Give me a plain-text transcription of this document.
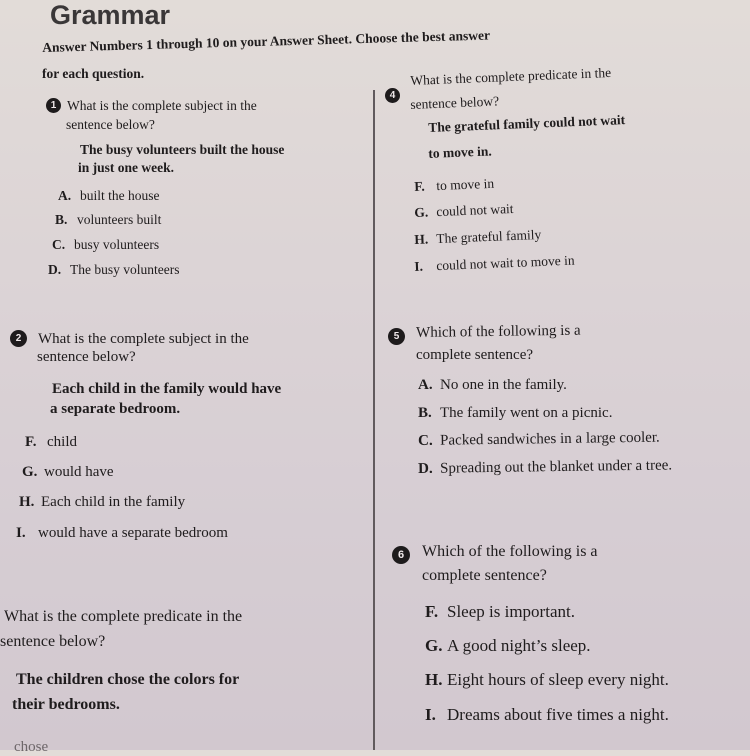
Grammar
Answer Numbers 1 through 10 on your Answer Sheet. Choose the best answer
for each question.
1 What is the complete subject in the
sentence below?
The busy volunteers built the house
in just one week.
A. built the house
B. volunteers built
C. busy volunteers
D. The busy volunteers
2	What is the complete subject in the
sentence below?
Each child in the family would have
a separate bedroom.
F. child
G. would have
H. Each child in the family
I. would have a separate bedroom
What is the complete predicate in the
sentence below?
The children chose the colors for
their bedrooms.
chose
4
What is the complete predicate in the
sentence below?
The grateful family could not wait
to move in.
F. to move in
G. could not wait
H. The grateful family
I. could not wait to move in
5	Which of the following is a
complete sentence?
A. No one in the family.
B. The family went on a picnic.
C. Packed sandwiches in a large cooler.
D. Spreading out the blanket under a tree.
6	Which of the following is a
complete sentence?
F. Sleep is important.
G. A good night’s sleep.
H. Eight hours of sleep every night.
I. Dreams about five times a night.
